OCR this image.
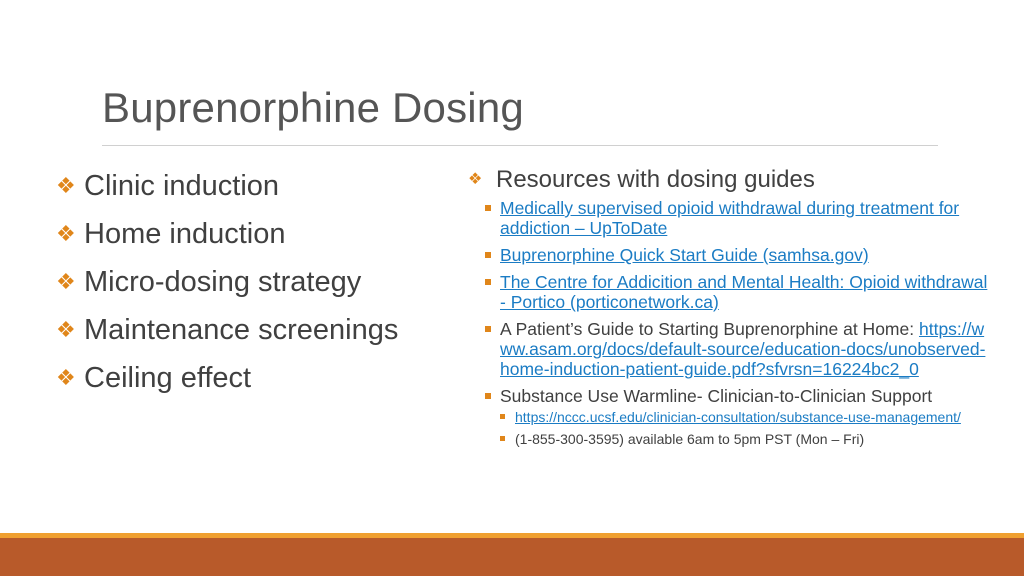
Buprenorphine Dosing
❖ Clinic induction
❖ Home induction
❖ Micro-dosing strategy
❖ Maintenance screenings
❖ Ceiling effect
❖ Resources with dosing guides
Medically supervised opioid withdrawal during treatment for addiction – UpToDate
Buprenorphine Quick Start Guide (samhsa.gov)
The Centre for Addicition and Mental Health: Opioid withdrawal - Portico (porticonetwork.ca)
A Patient’s Guide to Starting Buprenorphine at Home: https://www.asam.org/docs/default-source/education-docs/unobserved-home-induction-patient-guide.pdf?sfvrsn=16224bc2_0
Substance Use Warmline- Clinician-to-Clinician Support
https://nccc.ucsf.edu/clinician-consultation/substance-use-management/
(1-855-300-3595) available 6am to 5pm PST (Mon – Fri)
